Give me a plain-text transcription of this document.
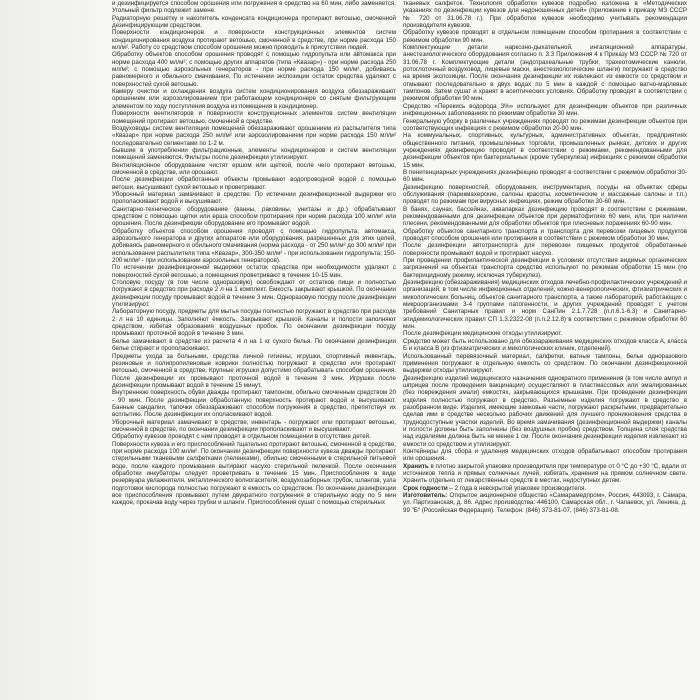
и дезинфицируется способом орошения или погружения в средство на 60 мин, либо заменяется. Угольный фильтр подлежит замене.

Радиаторную решетку и накопитель конденсата кондиционера протирают ветошью, смоченной дезинфицирующим средством.

Поверхности кондиционеров и поверхности конструкционных элементов систем кондиционирования воздуха протирают ветошью, смоченной в средстве, при норме расхода 150 мл/м². Работу со средством способом орошения можно проводить в присутствии людей.

Обработку объектов способом орошения проводят с помощью гидропульта или автомакса при норме расхода 400 мл/м²; с помощью других аппаратов (типа «Квазар») - при норме расхода 250 мл/м²; с помощью аэрозольных генераторов - при норме расхода 150 мл/м², добиваясь равномерного и обильного смачивания. По истечении экспозиции остаток средства удаляют с поверхностей сухой ветошью.

Камеру очистки и охлаждения воздуха систем кондиционирования воздуха обеззараживают орошением или аэрозолированием при работающем кондиционере со снятым фильтрующим элементом по ходу поступления воздуха из помещения в кондиционер.

Поверхности вентиляторов и поверхности конструкционных элементов систем вентиляции помещений протирают ветошью, смоченной в средстве.

Воздуховоды систем вентиляции помещений обеззараживают орошением из распылителя типа «Квазар» при норме расхода 250 мл/м² или аэрозолированием при норме расхода 150 мл/м² последовательно сегментами по 1-2 м.

Бывшие в употреблении фильтрационные, элементы кондиционеров и систем вентиляции помещений заменяются. Фильтры после дезинфекции утилизируют.

Вентиляционное оборудование чистят ершом или щеткой, после чего протирают ветошью, смоченной в средстве, или орошают.

После дезинфекции обработанные объекты промывают водопроводной водой с помощью ветоши, высушивают сухой ветошью и проветривают.

Уборочный материал замачивают в средстве. По истечении дезинфекционной выдержки его прополаскивают водой и высушивают.

Санитарно-техническое оборудование (ванны, раковины, унитазы и др.) обрабатывают средством с помощью щетки или ерша способом протирания при норме расхода 100 мл/м² или орошения. После дезинфекции оборудование его промывают водой.

Обработку объектов способом орошения проводят с помощью гидропульта, автомакса, аэрозольного генератора и других аппаратов или оборудования, разрешенных для этих целей, добиваясь равномерного и обильного смачивания (норма расхода - от 250 мл/м² до 300 мл/м² при использовании распылителя типа «Квазар», 300-350 мл/м² - при использовании гидропульта; 150-200 мл/м² - при использовании аэрозольных генераторов).

По истечении дезинфекционной выдержки остаток средства при необходимости удаляют с поверхностей сухой ветошью, а помещения проветривают в течение 10-15 мин.

Столовую посуду (в том числе одноразовую) освобождают от остатков пищи и полностью погружают в средство при расходе 2 л на 1 комплект. Емкость закрывают крышкой. По окончании дезинфекции посуду промывают водой в течение 3 мин. Одноразовую посуду после дезинфекции утилизируют.

Лабораторную посуду, предметы для мытья посуды полностью погружают в средство при расходе 2 л на 10 единицы. Заполняют ёмкость. Закрывают крышкой. Каналы и полости заполняют средством, избегая образования воздушных пробок. По окончании дезинфекции посуду промывают проточной водой в течение 3 мин.

Белье замачивают в средстве из расчета 4 л на 1 кг сухого белья. По окончании дезинфекции белье стирают и прополаскивают.

Предметы ухода за больными, средства личной гигиены, игрушки, спортивный инвентарь, резиновые и полипропиленовые коврики полностью погружают в средство или протирают ветошью, смоченной в средстве. Крупные игрушки допустимо обрабатывать способом орошения. После дезинфекции их промывают проточной водой в течение 3 мин. Игрушки после дезинфекции промывают водой в течение 15 минут.

Внутреннюю поверхность обуви дважды протирают тампоном, обильно смоченным средством 20 - 90 мин. После дезинфекции обработанную поверхность протирают водой и высушивают. Банные сандалии, тапочки обеззараживают способом погружения в средство, препятствуя их всплытию. После дезинфекции их ополаскивают водой.

Уборочный материал замачивают в средстве, инвентарь - погружают или протирают ветошью, смоченной в средстве, по окончании дезинфекции прополаскивают и высушивают.

Обработку кувезов проводят с ним проводят в отдельном помещении в отсутствие детей.

Поверхности кувеза и его приспособлений тщательно протирают ветошью, смоченной в средстве, при норме расхода 100 мл/м². По окончании дезинфекции поверхности кувеза дважды протирают стерильными тканевыми салфетками (пеленками), обильно смоченными в стерильной питьевой воде, после каждого промывания вытирают насухо стерильной пеленкой. После окончания обработки инкубаторы следует проветривать в течение 15 мин. Приспособления в виде резервуара увлажнителя, металлического волногасителя, воздухозаборных трубок, шлангов, узла подготовки кислорода полностью погружают в емкость со средством. По окончании дезинфекции все приспособления промывают путем двукратного погружения в стерильную воду по 5 мин каждое, прокачав воду через трубки и шланги. Приспособления сушат с помощью стерильных

тканевых салфеток. Технология обработки кувезов подробно изложена в «Методических указаниях по дезинфекции кувезов для недоношенных детей» (приложение к приказу МЗ СССР № 720 от 31.06.78 г.). При обработке кувезов необходимо учитывать рекомендации производителя кувезов.

Обработку кувезов проводят в отдельном помещении способом протирания в соответствии с режимом обработки 90 мин.

Комплектующие детали наркозно-дыхательной, ингаляционной аппаратуры, анестезиологического оборудования согласно п. 3.3 Приложения 4 к Приказу МЗ СССР № 720 от 31.06.78 г. Комплектующие детали (эндотрахеальные трубки, трахеотомические канюли, ротоглоточный воздуховод, лицевые маски, анестезиологические шланги) погружают в средство на время экспозиции. После окончания дезинфекции их извлекают из емкости со средством и отмывают последовательно в двух водах по 5 мин в каждой с помощью ватно-марлевых тампонов. Затем сушат и хранят в асептических условиях. Обработку проводят в соответствии с режимом обработки 90 мин.

Средство «Перекись водорода 3%» используют для дезинфекции объектов при различных инфекционных заболеваниях по режимам обработки 30 мин.

Генеральную уборку в различных учреждениях проводят по режимам дезинфекции объектов при соответствующих инфекциях с режимом обработки 20-90 мин.

На коммунальных, спортивных, культурных, административных объектах, предприятиях общественного питания, промышленных торговли, промышленных рынках, детских и других учреждениях дезинфекцию проводят в соответствии с режимами, рекомендованными для дезинфекции объектов при бактериальных (кроме туберкулеза) инфекциях с режимом обработки 15 мин.

В пенитенциарных учреждениях дезинфекцию проводят в соответствии с режимом обработки 30-60 мин.

Дезинфекцию поверхностей, оборудования, инструментария, посуды на объектах сферы обслуживания (парикмахерские, салоны красоты, косметические и массажные салоны и т.п.) проводят по режимам при вирусных инфекциях, режим обработки 30-60 мин.

В банях, саунах, бассейнах, аквапарках дезинфекцию проводят в соответствии с режимами, рекомендованными для дезинфекции объектов при дерматофитиях 60 мин, или, при наличии плесени, рекомендованными для обработки объектов при плесневых поражениях 60-90 мин.

Обработку объектов санитарного транспорта и транспорта для перевозки пищевых продуктов проводят способом орошения или протирания в соответствии с режимом обработки 30 мин.

После дезинфекции автотранспорта для перевозки пищевых продуктов обработанные поверхности промывают водой и протирают насухо.

При проведении профилактической дезинфекции в условиях отсутствия видимых органических загрязнений на объектах транспорта средство используют по режимам обработки 15 мин (по бактерицидному режиму, исключая туберкулез).

Дезинфекцию (обеззараживания) медицинских отходов лечебно-профилактических учреждений и организаций, в том числе инфекционных отделений, кожно-венерологических, фтизиатрических и микологических больниц, объектов санитарного транспорта, а также лабораторий, работающих с микроорганизмами 3-4 группами патогенности, и других учреждений проводят с учетом требований Санитарных правил и норм СанПин 2.1.7.728 (п.п.6.1-6.3) и Санитарно-эпидемиологических правил СП 1.3.2322-08 (п.п.2.12.8) в соответствии с режимом обработки 60 мин.

После дезинфекции медицинские отходы утилизируют.

Средство может быть использовано для обеззараживания медицинских отходов класса А, класса Б и класса В (из фтизиатрических и микологических клиник, отделений).

Использованный перевязочный материал, салфетки, ватные тампоны, белье одноразового применения погружают в отдельную емкость со средством. По окончании дезинфекционной выдержки отходы утилизируют.

Дезинфекцию изделий медицинского назначения однократного применения (в том числе ампул и шприцев после проведения вакцинации) осуществляют в пластмассовых или эмалированных (без повреждения эмали) емкостях, закрывающихся крышками. При проведении дезинфекции изделия полностью погружают в средство. Разъемные изделия погружают в средство в разобранном виде. Изделия, имеющие замковые части, погружают раскрытыми, предварительно сделав ими в средстве несколько рабочих движений для лучшего проникновения средства в труднодоступные участки изделий. Во время замачивания (дезинфекционной выдержки) каналы и полости должны быть заполнены (без воздушных пробок) средством. Толщина слоя средства над изделиями должна быть не менее 1 см. После окончания дезинфекции изделия извлекают из емкости со средством и утилизируют.

Контейнеры для сбора и удаления медицинских отходов обрабатывают способом протирания или орошения.

Хранить в плотно закрытой упаковке производителя при температуре от 0 °С до +30 °С, вдали от источников тепла и прямых солнечных лучей, избегать хранения на прямом солнечном свете. Хранить отдельно от лекарственных средств в местах, недоступных детям.

Срок годности – 2 года в невскрытой упаковке производителя.

Изготовитель: Открытое акционерное общество «Самарамедпром», Россия, 443093, г. Самара, ул. Партизанская, д. 86. Адрес производства: 446100, Самарская обл., г. Чапаевск, ул. Ленина, д. 99 "Б" (Российская Федерация). Телефон: (846) 373-81-07, (846) 373-81-08.
